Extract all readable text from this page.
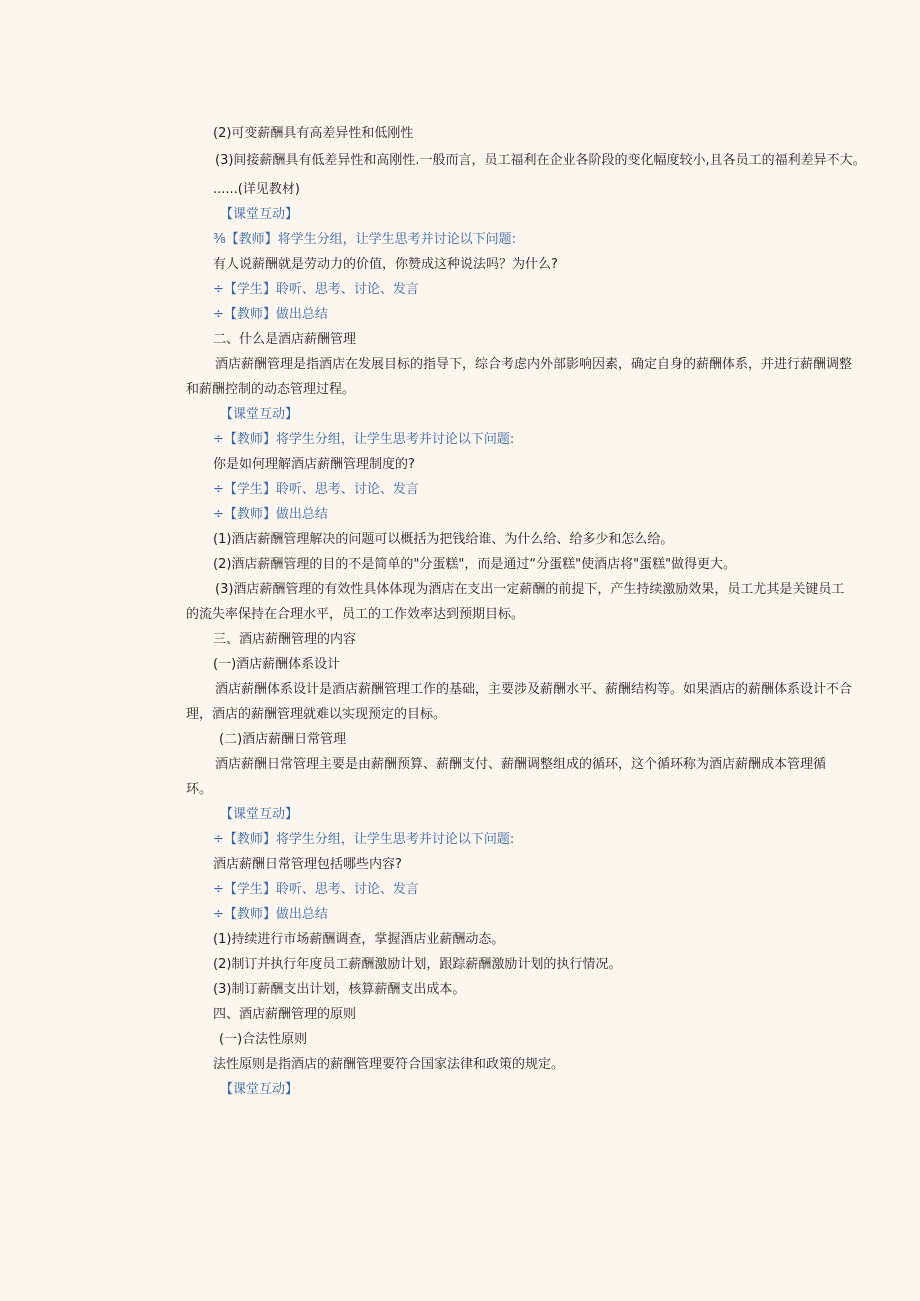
(2)可变薪酬具有高差异性和低刚性
(3)间接薪酬具有低差异性和高刚性.一般而言，员工福利在企业各阶段的变化幅度较小,且各员工的福利差异不大。
......(详见教材)
【课堂互动】
⅜【教师】将学生分组，让学生思考并讨论以下问题:
有人说薪酬就是劳动力的价值，你赞成这种说法吗？为什么?
÷【学生】聆听、思考、讨论、发言
÷【教师】做出总结
二、什么是酒店薪酬管理
酒店薪酬管理是指酒店在发展目标的指导下，综合考虑内外部影响因素，确定自身的薪酬体系，并进行薪酬调整
和薪酬控制的动态管理过程。
【课堂互动】
÷【教师】将学生分组，让学生思考并讨论以下问题:
你是如何理解酒店薪酬管理制度的?
÷【学生】聆听、思考、讨论、发言
÷【教师】做出总结
(1)酒店薪酬管理解决的问题可以概括为把钱给谁、为什么给、给多少和怎么给。
(2)酒店薪酬管理的目的不是简单的"分蛋糕"，而是通过“分蛋糕"使酒店将"蛋糕"做得更大。
(3)酒店薪酬管理的有效性具体体现为酒店在支出一定薪酬的前提下，产生持续激励效果，员工尤其是关键员工
的流失率保持在合理水平，员工的工作效率达到预期目标。
三、酒店薪酬管理的内容
(一)酒店薪酬体系设计
酒店薪酬体系设计是酒店薪酬管理工作的基础，主要涉及薪酬水平、薪酬结构等。如果酒店的薪酬体系设计不合
理，酒店的薪酬管理就难以实现预定的目标。
(二)酒店薪酬日常管理
酒店薪酬日常管理主要是由薪酬预算、薪酬支付、薪酬调整组成的循环，这个循环称为酒店薪酬成本管理循
环。
【课堂互动】
÷【教师】将学生分组，让学生思考并讨论以下问题:
酒店薪酬日常管理包括哪些内容?
÷【学生】聆听、思考、讨论、发言
÷【教师】做出总结
(1)持续进行市场薪酬调查，掌握酒店业薪酬动态。
(2)制订并执行年度员工薪酬激励计划，跟踪薪酬激励计划的执行情况。
(3)制订薪酬支出计划，核算薪酬支出成本。
四、酒店薪酬管理的原则
(一)合法性原则
法性原则是指酒店的薪酬管理要符合国家法律和政策的规定。
【课堂互动】
